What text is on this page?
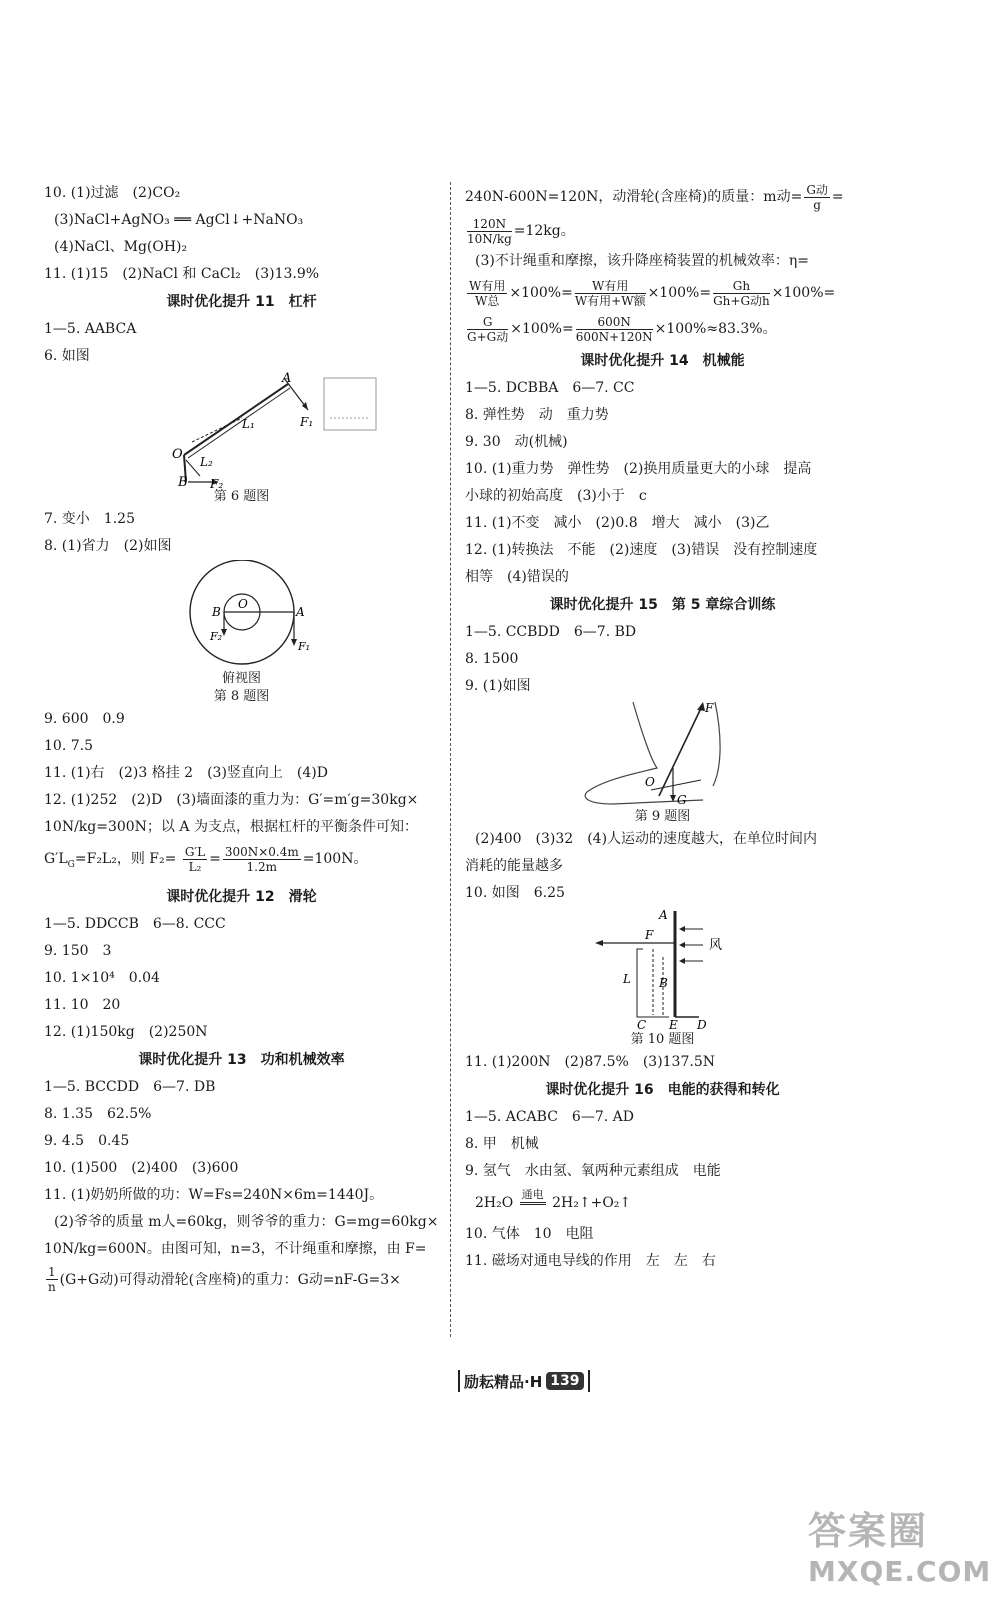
10. (1)过滤　(2)CO₂
(3)NaCl+AgNO₃ ══ AgCl↓+NaNO₃
(4)NaCl、Mg(OH)₂
11. (1)15　(2)NaCl 和 CaCl₂　(3)13.9%
课时优化提升 11　杠杆
1—5. AABCA
6. 如图
A
O
B
L₁
L₂
F₁
F₂
第 6 题图
7. 变小　1.25
8. (1)省力　(2)如图
O
A
B
F₁
F₂
俯视图
第 8 题图
9. 600　0.9
10. 7.5
11. (1)右　(2)3 格挂 2　(3)竖直向上　(4)D
12. (1)252　(2)D　(3)墙面漆的重力为：G′=m′g=30kg×
10N/kg=300N；以 A 为支点，根据杠杆的平衡条件可知：
$G'L_G=F_2L_2$，则 $F_2= \frac{G'L}{\text{L₂}} = \frac{300N\times 0.4m}{1.2m} =100N$。
课时优化提升 12　滑轮
1—5. DDCCB　6—8. CCC
9. 150　3
10. 1×10⁴　0.04
11. 10　20
12. (1)150kg　(2)250N
课时优化提升 13　功和机械效率
1—5. BCCDD　6—7. DB
8. 1.35　62.5%
9. 4.5　0.45
10. (1)500　(2)400　(3)600
11. (1)奶奶所做的功：W=Fs=240N×6m=1440J。
(2)爷爷的质量 m人=60kg，则爷爷的重力：G=mg=60kg×
10N/kg=600N。由图可知，n=3，不计绳重和摩擦，由 F=
$\frac{1}{n} (G+G$动)可得动滑轮(含座椅)的重力：G动=nF-G=3×
240N-600N=120N，动滑轮(含座椅)的质量：m动= $\frac{\text{G动}}{g}$ =
$\frac{120N}{10N/kg} =12kg$。
(3)不计绳重和摩擦，该升降座椅装置的机械效率：η=
$\frac{\text{W有用}}{\text{W总}} \times 100\%= \frac{\text{W有用}}{\text{W有用+W额}} \times 100\%= \frac{Gh}{\text{Gh+G动h}} \times 100\%=$
$\frac{G}{\text{G+G动}} \times 100\%= \frac{600N}{600N+120N} \times 100\%\approx 83.3\%$。
课时优化提升 14　机械能
1—5. DCBBA　6—7. CC
8. 弹性势　动　重力势
9. 30　动(机械)
10. (1)重力势　弹性势　(2)换用质量更大的小球　提高
小球的初始高度　(3)小于　c
11. (1)不变　减小　(2)0.8　增大　减小　(3)乙
12. (1)转换法　不能　(2)速度　(3)错误　没有控制速度
相等　(4)错误的
课时优化提升 15　第 5 章综合训练
1—5. CCBDD　6—7. BD
8. 1500
9. (1)如图
F
O
G
第 9 题图
(2)400　(3)32　(4)人运动的速度越大，在单位时间内
消耗的能量越多
10. 如图　6.25
A
F
L B
风
C E D
第 10 题图
11. (1)200N　(2)87.5%　(3)137.5N
课时优化提升 16　电能的获得和转化
1—5. ACABC　6—7. AD
8. 甲　机械
9. 氢气　水由氢、氧两种元素组成　电能
2H₂O
通电

2H₂↑+O₂↑
10. 气体　10　电阻
11. 磁场对通电导线的作用　左　左　右
励耘精品·H 139
答案圈
MXQE.COM
